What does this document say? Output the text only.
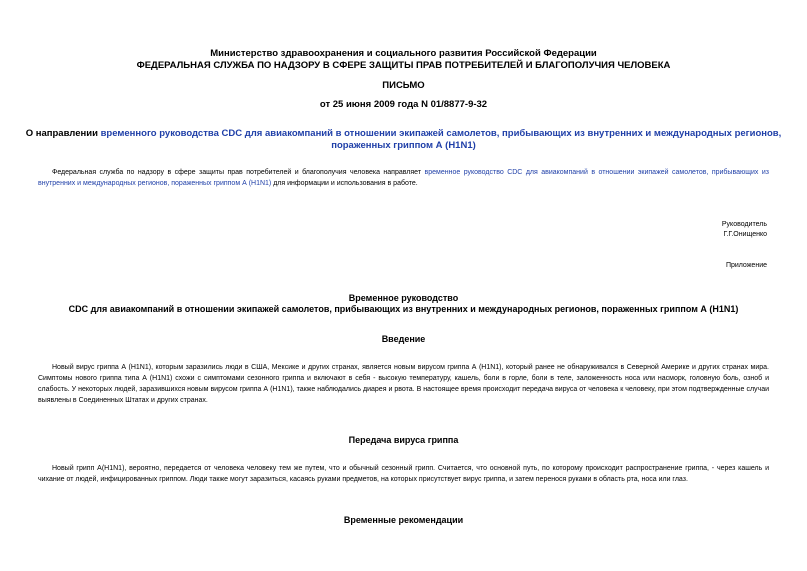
Министерство здравоохранения и социального развития Российской Федерации
ФЕДЕРАЛЬНАЯ СЛУЖБА ПО НАДЗОРУ В СФЕРЕ ЗАЩИТЫ ПРАВ ПОТРЕБИТЕЛЕЙ И БЛАГОПОЛУЧИЯ ЧЕЛОВЕКА
ПИСЬМО
от 25 июня 2009 года N 01/8877-9-32
О направлении временного руководства CDC для авиакомпаний в отношении экипажей самолетов, прибывающих из внутренних и международных регионов,
пораженных гриппом А (H1N1)
Федеральная служба по надзору в сфере защиты прав потребителей и благополучия человека направляет временное руководство CDC для авиакомпаний в отношении экипажей самолетов, прибывающих из внутренних и международных регионов, пораженных гриппом А (H1N1) для информации и использования в работе.
Руководитель
Г.Г.Онищенко
Приложение
Временное руководство
CDC для авиакомпаний в отношении экипажей самолетов, прибывающих из внутренних и международных регионов, пораженных гриппом А (H1N1)
Введение
Новый вирус гриппа А (H1N1), которым заразились люди в США, Мексике и других странах, является новым вирусом гриппа А (H1N1), который ранее не обнаруживался в Северной Америке и других странах мира. Симптомы нового гриппа типа А (H1N1) схожи с симптомами сезонного гриппа и включают в себя - высокую температуру, кашель, боли в горле, боли в теле, заложенность носа или насморк, головную боль, озноб и слабость. У некоторых людей, заразившихся новым вирусом гриппа А (H1N1), также наблюдались диарея и рвота. В настоящее время происходит передача вируса от человека к человеку, при этом подтвержденные случаи выявлены в Соединенных Штатах и других странах.
Передача вируса гриппа
Новый грипп А(H1N1), вероятно, передается от человека человеку тем же путем, что и обычный сезонный грипп. Считается, что основной путь, по которому происходит распространение гриппа, - через кашель и чихание от людей, инфицированных гриппом. Люди также могут заразиться, касаясь руками предметов, на которых присутствует вирус гриппа, и затем перенося руками в область рта, носа или глаз.
Временные рекомендации
